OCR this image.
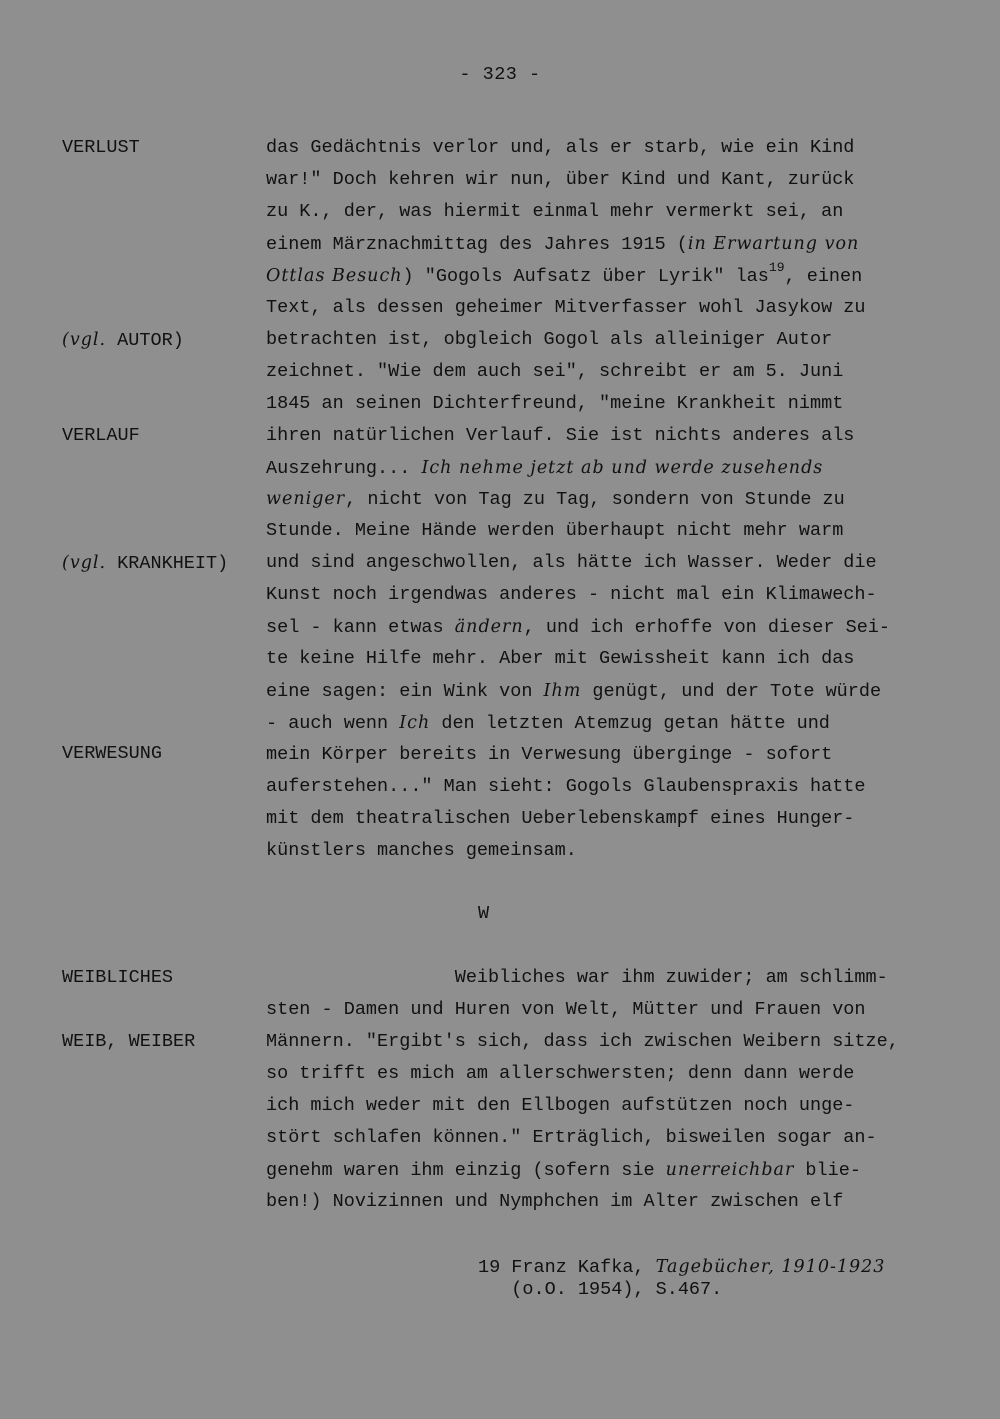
- 323 -
VERLUST
(vgl. AUTOR)
VERLAUF
(vgl. KRANKHEIT)
VERWESUNG
WEIBLICHES
WEIB, WEIBER
das Gedächtnis verlor und, als er starb, wie ein Kind
war!" Doch kehren wir nun, über Kind und Kant, zurück
zu K., der, was hiermit einmal mehr vermerkt sei, an
einem Märznachmittag des Jahres 1915 (in Erwartung von
Ottlas Besuch) "Gogols Aufsatz über Lyrik" las$^{19}$, einen
Text, als dessen geheimer Mitverfasser wohl Jasykow zu
betrachten ist, obgleich Gogol als alleiniger Autor
zeichnet. "Wie dem auch sei", schreibt er am 5. Juni
1845 an seinen Dichterfreund, "meine Krankheit nimmt
ihren natürlichen Verlauf. Sie ist nichts anderes als
Auszehrung... Ich nehme jetzt ab und werde zusehends
weniger, nicht von Tag zu Tag, sondern von Stunde zu
Stunde. Meine Hände werden überhaupt nicht mehr warm
und sind angeschwollen, als hätte ich Wasser. Weder die
Kunst noch irgendwas anderes - nicht mal ein Klimawech-
sel - kann etwas ändern, und ich erhoffe von dieser Sei-
te keine Hilfe mehr. Aber mit Gewissheit kann ich das
eine sagen: ein Wink von Ihm genügt, und der Tote würde
- auch wenn Ich den letzten Atemzug getan hätte und
mein Körper bereits in Verwesung überginge - sofort
auferstehen..." Man sieht: Gogols Glaubenspraxis hatte
mit dem theatralischen Ueberlebenskampf eines Hunger-
künstlers manches gemeinsam.
W
Weibliches war ihm zuwider; am schlimm-
sten - Damen und Huren von Welt, Mütter und Frauen von
Männern. "Ergibt's sich, dass ich zwischen Weibern sitze,
so trifft es mich am allerschwersten; denn dann werde
ich mich weder mit den Ellbogen aufstützen noch unge-
stört schlafen können." Erträglich, bisweilen sogar an-
genehm waren ihm einzig (sofern sie unerreichbar blie-
ben!) Novizinnen und Nymphchen im Alter zwischen elf
19 Franz Kafka, Tagebücher, 1910-1923
(o.O. 1954), S.467.
